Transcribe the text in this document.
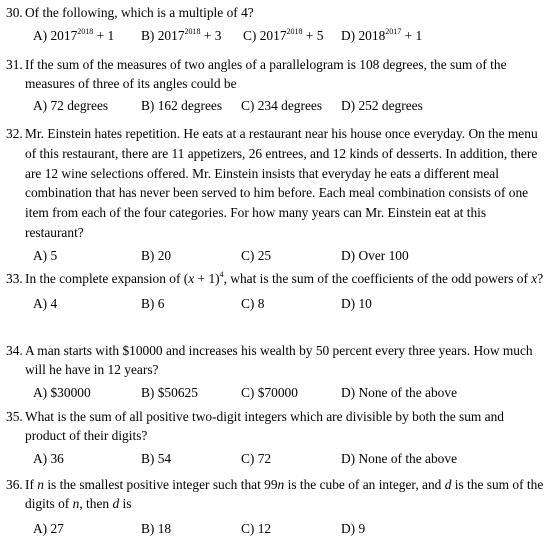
30. Of the following, which is a multiple of 4?
A) $2017^{2018} + 1$ B) $2017^{2018} + 3$ C) $2017^{2018} + 5$ D) $2018^{2017} + 1$
31. If the sum of the measures of two angles of a parallelogram is 108 degrees, the sum of the measures of three of its angles could be
A) 72 degrees B) 162 degrees C) 234 degrees D) 252 degrees
32. Mr. Einstein hates repetition. He eats at a restaurant near his house once everyday. On the menu of this restaurant, there are 11 appetizers, 26 entrees, and 12 kinds of desserts. In addition, there are 12 wine selections offered. Mr. Einstein insists that everyday he eats a different meal combination that has never been served to him before. Each meal combination consists of one item from each of the four categories. For how many years can Mr. Einstein eat at this restaurant?
A) 5	B) 20	C) 25	D) Over 100
33. In the complete expansion of $(x + 1)^4$, what is the sum of the coefficients of the odd powers of x?
A) 4	B) 6	C) 8	D) 10
34. A man starts with $10000 and increases his wealth by 50 percent every three years. How much will he have in 12 years?
A) $30000	B) $50625	C) $70000	D) None of the above
35. What is the sum of all positive two-digit integers which are divisible by both the sum and product of their digits?
A) 36	B) 54	C) 72	D) None of the above
36. If n is the smallest positive integer such that 99n is the cube of an integer, and d is the sum of the digits of n, then d is
A) 27	B) 18	C) 12	D) 9
